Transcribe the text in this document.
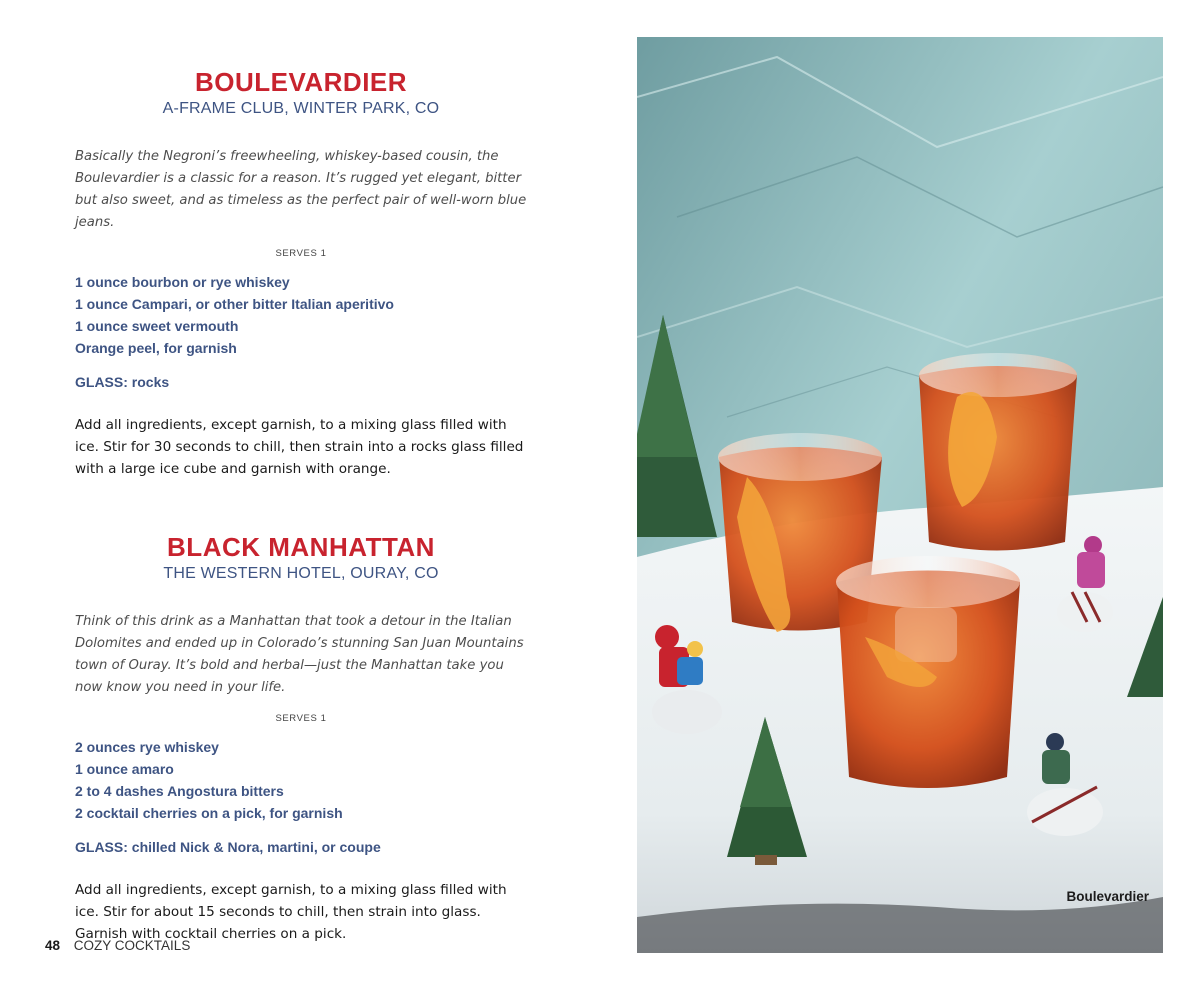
BOULEVARDIER
A-FRAME CLUB, WINTER PARK, CO

Basically the Negroni’s freewheeling, whiskey-based cousin, the Boulevardier is a classic for a reason. It’s rugged yet elegant, bitter but also sweet, and as timeless as the perfect pair of well-worn blue jeans.

SERVES 1
1 ounce bourbon or rye whiskey
1 ounce Campari, or other bitter Italian aperitivo
1 ounce sweet vermouth
Orange peel, for garnish
GLASS: rocks

Add all ingredients, except garnish, to a mixing glass filled with ice. Stir for 30 seconds to chill, then strain into a rocks glass filled with a large ice cube and garnish with orange.

BLACK MANHATTAN
THE WESTERN HOTEL, OURAY, CO

Think of this drink as a Manhattan that took a detour in the Italian Dolomites and ended up in Colorado’s stunning San Juan Mountains town of Ouray. It’s bold and herbal—just the Manhattan take you now know you need in your life.

SERVES 1
2 ounces rye whiskey
1 ounce amaro
2 to 4 dashes Angostura bitters
2 cocktail cherries on a pick, for garnish
GLASS: chilled Nick & Nora, martini, or coupe

Add all ingredients, except garnish, to a mixing glass filled with ice. Stir for about 15 seconds to chill, then strain into glass. Garnish with cocktail cherries on a pick.

48 COZY COCKTAILS
Boulevardier
